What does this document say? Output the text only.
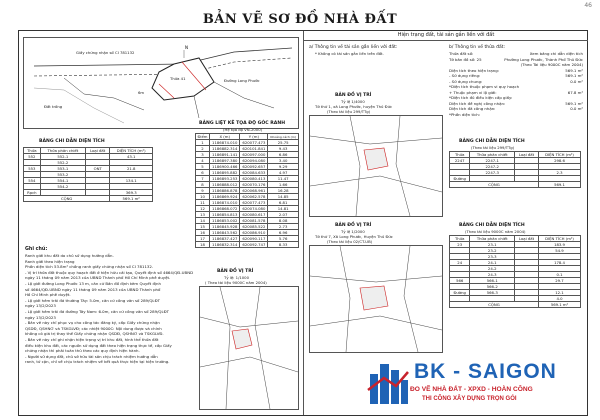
46
BẢN VẼ SƠ ĐỒ NHÀ ĐẤT
Hiện trạng đất, tài sản gắn liền với đất
N
Giấy chứng nhận số CI 781132
Đường Long Phước
Thửa 41
6m
Đất trống
BẢNG LIỆT KÊ TỌA ĐỘ GÓC RANH
(Hệ tọa độ VN-2000)
Điểm	X (m)	Y (m)	Khoảng cách (m)
1	1186874.010	620077.473	25.75
2	1186882.314	620101.841	9.43
3	1186891.141	620097.000	6.86
4	1186897.380	620094.080	3.40
5	1186900.466	620092.657	9.29
6	1186895.882	620084.633	4.97
7	1186893.253	620080.413	11.47
8	1186888.012	620070.176	1.66
9	1186886.878	620068.961	16.28
10	1186869.924	620062.578	14.85
11	1186874.010	620077.473	6.81
12	1186868.072	620074.080	14.81
13	1186854.813	620080.617	2.07
14	1186853.002	620081.578	8.08
15	1186845.928	620085.522	2.73
16	1186843.562	620086.910	6.96
17	1186837.427	620090.117	5.76
18	1186832.314	620092.747	8.33
BẢNG CHI DẪN DIỆN TÍCH
Thửa	Thửa phân chiết	Loại đất	DIỆN TÍCH (m²)
552	552-1		43.1
	552-2		
553	553-1	ONT	21.8
	553-2		
554	554-1		134.1
	554-2		
Rạch			369.3
CỘNG			569.1 m²
Ghi chú:
Ranh giới khu đất do chủ sử dụng hướng dẫn.
Ranh giới theo hiện trạng
Phần diện tích 53.8m² chồng ranh giấy chứng nhận số CI 781132.
- Vị trí thửa đất thuộc quy hoạch đất ở hiện hữu cải tạo, Quyết định số 4664/QĐ-UBND
ngày 11 tháng 09 năm 2013 của UBND Thành phố Hồ Chí Minh phê duyệt.
- Lộ giới đường Long Phước 13 m, căn cứ Bản đồ định kèm Quyết định
số 4664/QĐ-UBND ngày 11 tháng 09 năm 2013 của UBND Thành phố
Hồ Chí Minh phê duyệt.
- Lộ giới hẻm trải đá thường Tây: 5.0m, căn cứ công văn số 289/QLĐT
ngày 13/2/2023
- Lộ giới hẻm trải đá đường Tây Nam: 6.0m, căn cứ công văn số 289/QLĐT
ngày 13/2/2023
- Bản vẽ này chỉ phục vụ cho công tác đăng ký, cấp Giấy chứng nhận
QSDĐ, QSHNƠ và TSKGLVĐ; các nhiệt 9000C: Nội dung được và chính
không có giá trị thay thế Giấy chứng nhận QSDĐ, QSHNƠ và TSKGLVĐ.
- Bản vẽ này chỉ ghi nhận hiện trạng vị trí khu đất, hình thể thửa đất
điều kiện khu đất, các nguồn sử dụng đất theo hiện trạng thực tế, cấp Giấy
chứng nhận thì phải tuân thủ theo các quy định hiện hành.
- Người sử dụng đất, chủ sở hữu tài sản chịu trách nhiệm hướng dẫn
ranh, tứ cận, chỉ về chịu trách nhiệm về kết quả thực hiện tại hiện trường.
BẢN ĐỒ VỊ TRÍ
Tỷ lệ: 1/1000
( Theo tài liệu 9000C năm 2004)
a/ Thông tin về tài sản gắn liền với đất:
* Không có tài sản gắn liền trên đất.
b/ Thông tin về thửa đất:
Thửa đất số:	Xem bảng chi dẫn diện tích
Tờ bản đồ số: 25	Phường Long Phước, Thành Phố Thủ Đức
(Theo Tài liệu 9000C năm 2004)
Diện tích theo hiện trạng:	569.1 m²
- Sử dụng riêng:	569.1 m²
- Sử dụng chung:	0.0 m²
*Diện tích thuộc phạm vi quy hoạch
+ Thuộc phạm vi lộ giới:	67.8 m²
*Diện tích đủ điều kiện cấp giấy:
Diện tích đề nghị công nhận:	569.1 m²
Diện tích đã công nhận:	0.0 m²
*Phần diện tích:
BẢN ĐỒ VỊ TRÍ
Tỷ lệ 1/4000
Tờ thứ 1, xã Long Phước, huyện Thủ Đức
(Theo tài liệu 299/TTg)
BẢNG CHI DẪN DIỆN TÍCH
(Theo tài liệu 299/TTg)
Thửa	Thửa phân chiết	Loại đất	DIỆN TÍCH (m²)
2247	2247-1		298.6
	2247-2		
	2247-3		2.3
Đường			
CỘNG			569.1
BẢN ĐỒ VỊ TRÍ
Tỷ lệ 1/2000
Tờ thứ 7, Xã Long Phước, Huyện Thủ Đức
(Theo tài liệu 02/CT-UB)
BẢNG CHI DẪN DIỆN TÍCH
(Theo tài liệu 9000C năm 2004)
Thửa	Thửa phân chiết	Loại đất	DIỆN TÍCH (m²)
23	23-1		183.9
	23-2		54.9
	23-3		
24	24-1		178.4
	24-2		
	24-3		0.1
566	566-1		29.7
	566-2		
Đường	566-3		12.1
			4.0
CỘNG			569.1 m²
BK - SAIGON
ĐO VẼ NHÀ ĐẤT - XPXD - HOÀN CÔNG
THI CÔNG XÂY DỰNG TRỌN GÓI
